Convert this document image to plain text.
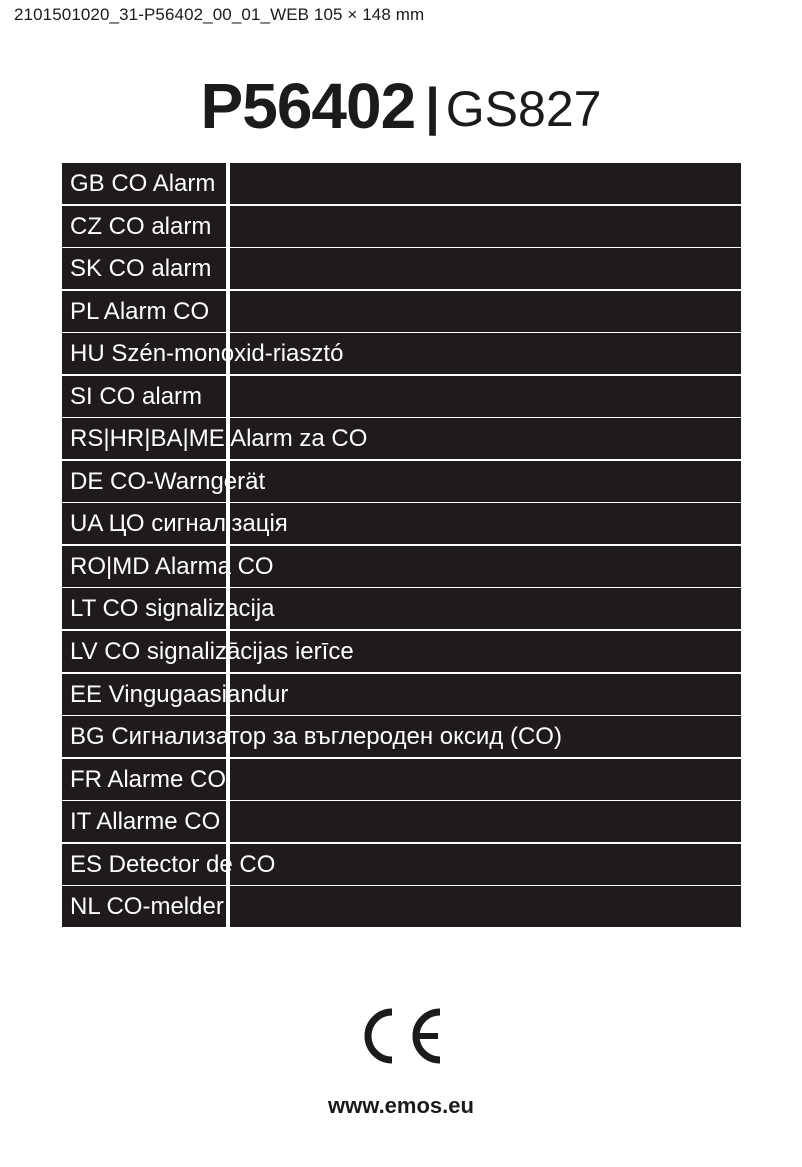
2101501020_31-P56402_00_01_WEB 105 × 148 mm
P56402 | GS827
GB CO Alarm
CZ CO alarm
SK CO alarm
PL Alarm CO
HU Szén-monoxid-riasztó
SI CO alarm
RS|HR|BA|ME Alarm za CO
DE CO-Warngerät
UA ЦО сигналізація
RO|MD Alarma CO
LT CO signalizacija
LV CO signalizācijas ierīce
EE Vingugaasiandur
BG Сигнализатор за въглероден оксид (CO)
FR Alarme CO
IT Allarme CO
ES Detector de CO
NL CO-melder
www.emos.eu
